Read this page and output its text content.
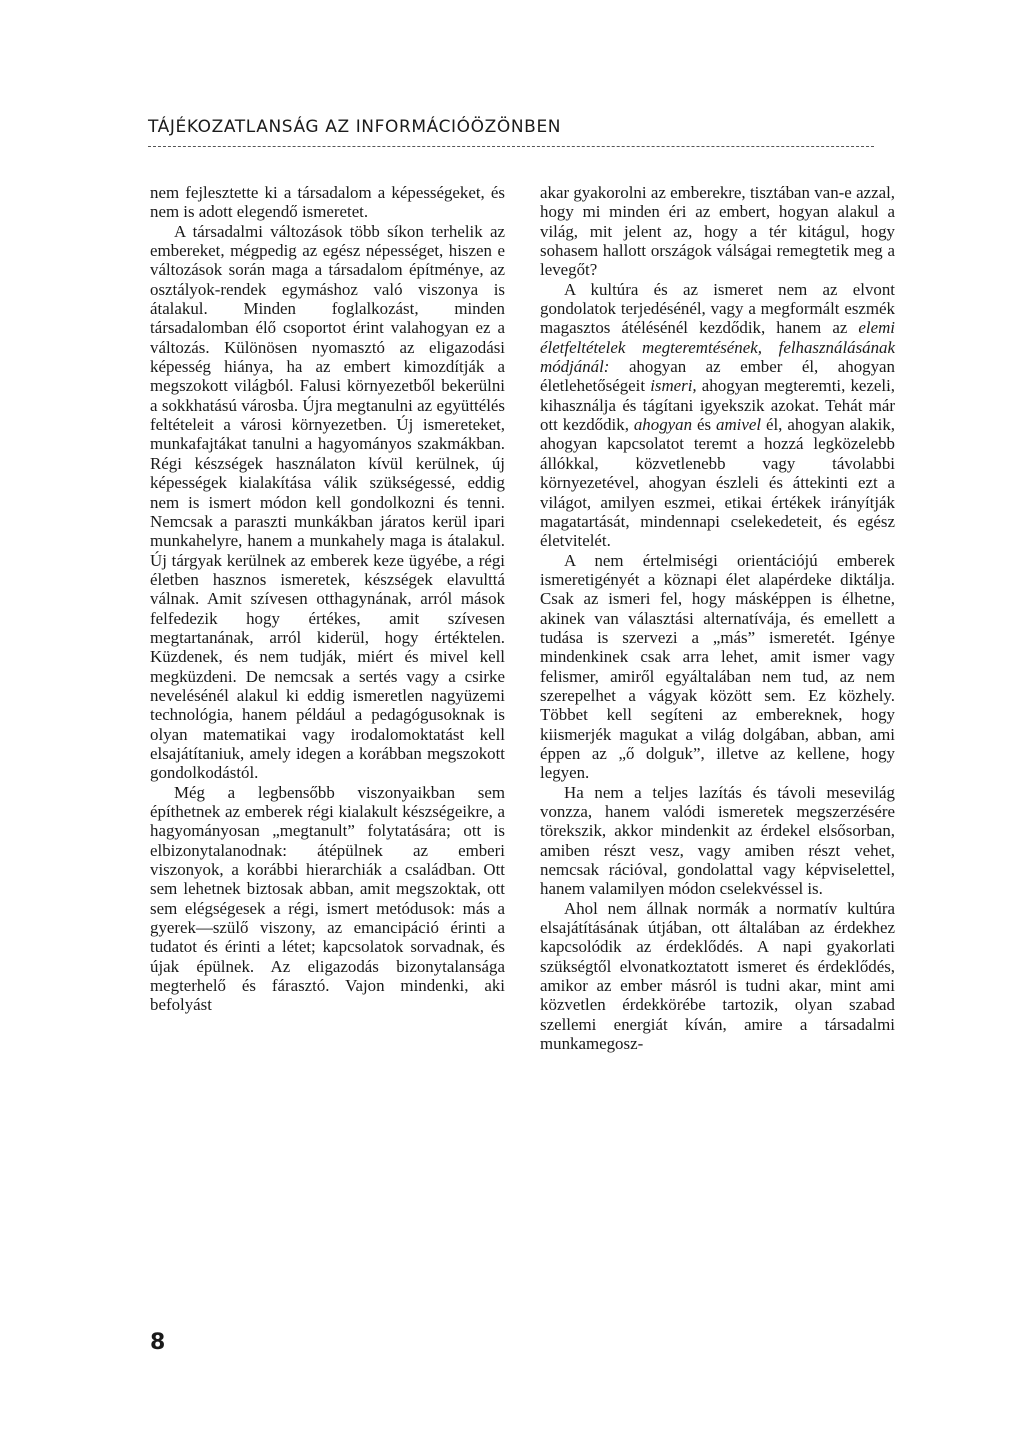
TÁJÉKOZATLANSÁG AZ INFORMÁCIÓÖZÖNBEN

nem fejlesztette ki a társadalom a képességeket, és nem is adott elegendő ismeretet.

A társadalmi változások több síkon terhelik az embereket, mégpedig az egész népességet, hiszen e változások során maga a társadalom építménye, az osztályok-rendek egymáshoz való viszonya is átalakul. Minden foglalkozást, minden társadalomban élő csoportot érint valahogyan ez a változás. Különösen nyomasztó az eligazodási képesség hiánya, ha az embert kimozdítják a megszokott világból. Falusi környezetből bekerülni a sokkhatású városba. Újra megtanulni az együttélés feltételeit a városi környezetben. Új ismereteket, munkafajtákat tanulni a hagyományos szakmákban. Régi készségek használaton kívül kerülnek, új képességek kialakítása válik szükségessé, eddig nem is ismert módon kell gondolkozni és tenni. Nemcsak a paraszti munkákban járatos kerül ipari munkahelyre, hanem a munkahely maga is átalakul. Új tárgyak kerülnek az emberek keze ügyébe, a régi életben hasznos ismeretek, készségek elavulttá válnak. Amit szívesen otthagynának, arról mások felfedezik hogy értékes, amit szívesen megtartanának, arról kiderül, hogy értéktelen. Küzdenek, és nem tudják, miért és mivel kell megküzdeni. De nemcsak a sertés vagy a csirke nevelésénél alakul ki eddig ismeretlen nagyüzemi technológia, hanem például a pedagógusoknak is olyan matematikai vagy irodalomoktatást kell elsajátítaniuk, amely idegen a korábban megszokott gondolkodástól.

Még a legbensőbb viszonyaikban sem építhetnek az emberek régi kialakult készségeikre, a hagyományosan „megtanult” folytatására; ott is elbizonytalanodnak: átépülnek az emberi viszonyok, a korábbi hierarchiák a családban. Ott sem lehetnek biztosak abban, amit megszoktak, ott sem elégségesek a régi, ismert metódusok: más a gyerek—szülő viszony, az emancipáció érinti a tudatot és érinti a létet; kapcsolatok sorvadnak, és újak épülnek. Az eligazodás bizonytalansága megterhelő és fárasztó. Vajon mindenki, aki befolyást

akar gyakorolni az emberekre, tisztában van-e azzal, hogy mi minden éri az embert, hogyan alakul a világ, mit jelent az, hogy a tér kitágul, hogy sohasem hallott országok válságai remegtetik meg a levegőt?

A kultúra és az ismeret nem az elvont gondolatok terjedésénél, vagy a megformált eszmék magasztos átélésénél kezdődik, hanem az elemi életfeltételek megteremtésének, felhasználásának módjánál: ahogyan az ember él, ahogyan életlehetőségeit ismeri, ahogyan megteremti, kezeli, kihasználja és tágítani igyekszik azokat. Tehát már ott kezdődik, ahogyan és amivel él, ahogyan alakik, ahogyan kapcsolatot teremt a hozzá legközelebb állókkal, közvetlenebb vagy távolabbi környezetével, ahogyan észleli és áttekinti ezt a világot, amilyen eszmei, etikai értékek irányítják magatartását, mindennapi cselekedeteit, és egész életvitelét.

A nem értelmiségi orientációjú emberek ismeretigényét a köznapi élet alapérdeke diktálja. Csak az ismeri fel, hogy másképpen is élhetne, akinek van választási alternatívája, és emellett a tudása is szervezi a „más” ismeretét. Igénye mindenkinek csak arra lehet, amit ismer vagy felismer, amiről egyáltalában nem tud, az nem szerepelhet a vágyak között sem. Ez közhely. Többet kell segíteni az embereknek, hogy kiismerjék magukat a világ dolgában, abban, ami éppen az „ő dolguk”, illetve az kellene, hogy legyen.

Ha nem a teljes lazítás és távoli mesevilág vonzza, hanem valódi ismeretek megszerzésére törekszik, akkor mindenkit az érdekel elsősorban, amiben részt vesz, vagy amiben részt vehet, nemcsak rációval, gondolattal vagy képviselettel, hanem valamilyen módon cselekvéssel is.

Ahol nem állnak normák a normatív kultúra elsajátításának útjában, ott általában az érdekhez kapcsolódik az érdeklődés. A napi gyakorlati szükségtől elvonatkoztatott ismeret és érdeklődés, amikor az ember másról is tudni akar, mint ami közvetlen érdekkörébe tartozik, olyan szabad szellemi energiát kíván, amire a társadalmi munkamegosz-

8
